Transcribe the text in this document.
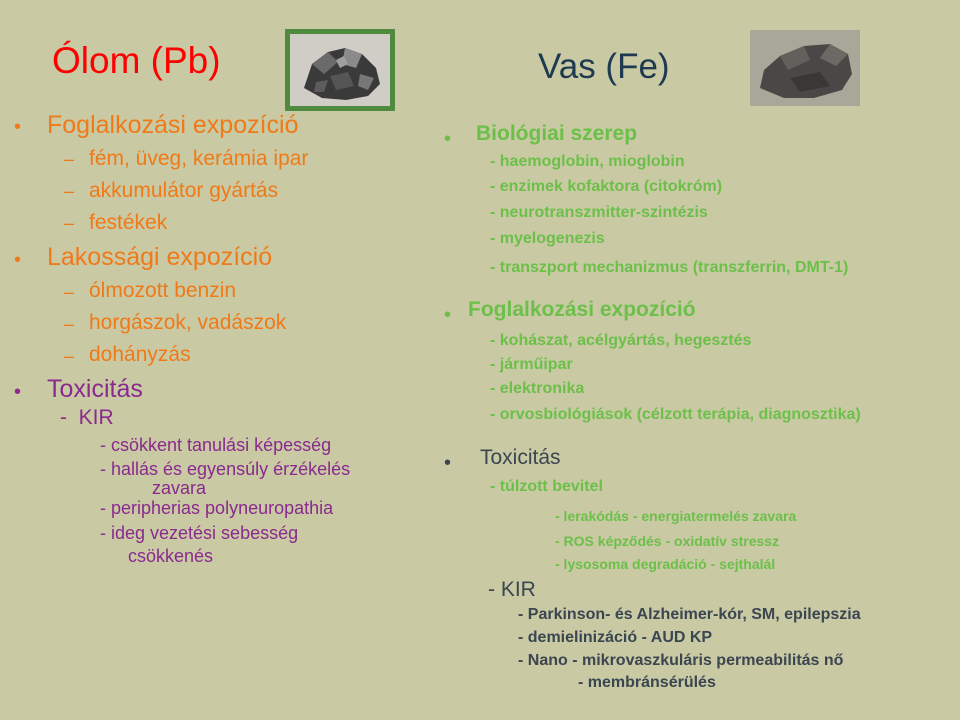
Ólom (Pb)
• Foglalkozási expozíció
– fém, üveg, kerámia ipar
– akkumulátor gyártás
– festékek
• Lakossági expozíció
– ólmozott benzin
– horgászok, vadászok
– dohányzás
• Toxicitás
-  KIR
- csökkent tanulási képesség
- hallás és egyensúly érzékelés
zavara
- peripherias polyneuropathia
- ideg vezetési sebesség
csökkenés
Vas (Fe)
• Biológiai szerep
- haemoglobin, mioglobin
- enzimek kofaktora (citokróm)
- neurotranszmitter-szintézis
- myelogenezis
- transzport mechanizmus (transzferrin, DMT-1)
• Foglalkozási expozíció
- kohászat, acélgyártás, hegesztés
- járműipar
- elektronika
- orvosbiológiások (célzott terápia, diagnosztika)
• Toxicitás
- túlzott bevitel
- lerakódás - energiatermelés zavara
- ROS képződés - oxidatív stressz
- lysosoma degradáció - sejthalál
- KIR
- Parkinson- és Alzheimer-kór, SM, epilepszia
- demielinizáció - AUD KP
- Nano - mikrovaszkuláris permeabilitás nő
- membránsérülés
